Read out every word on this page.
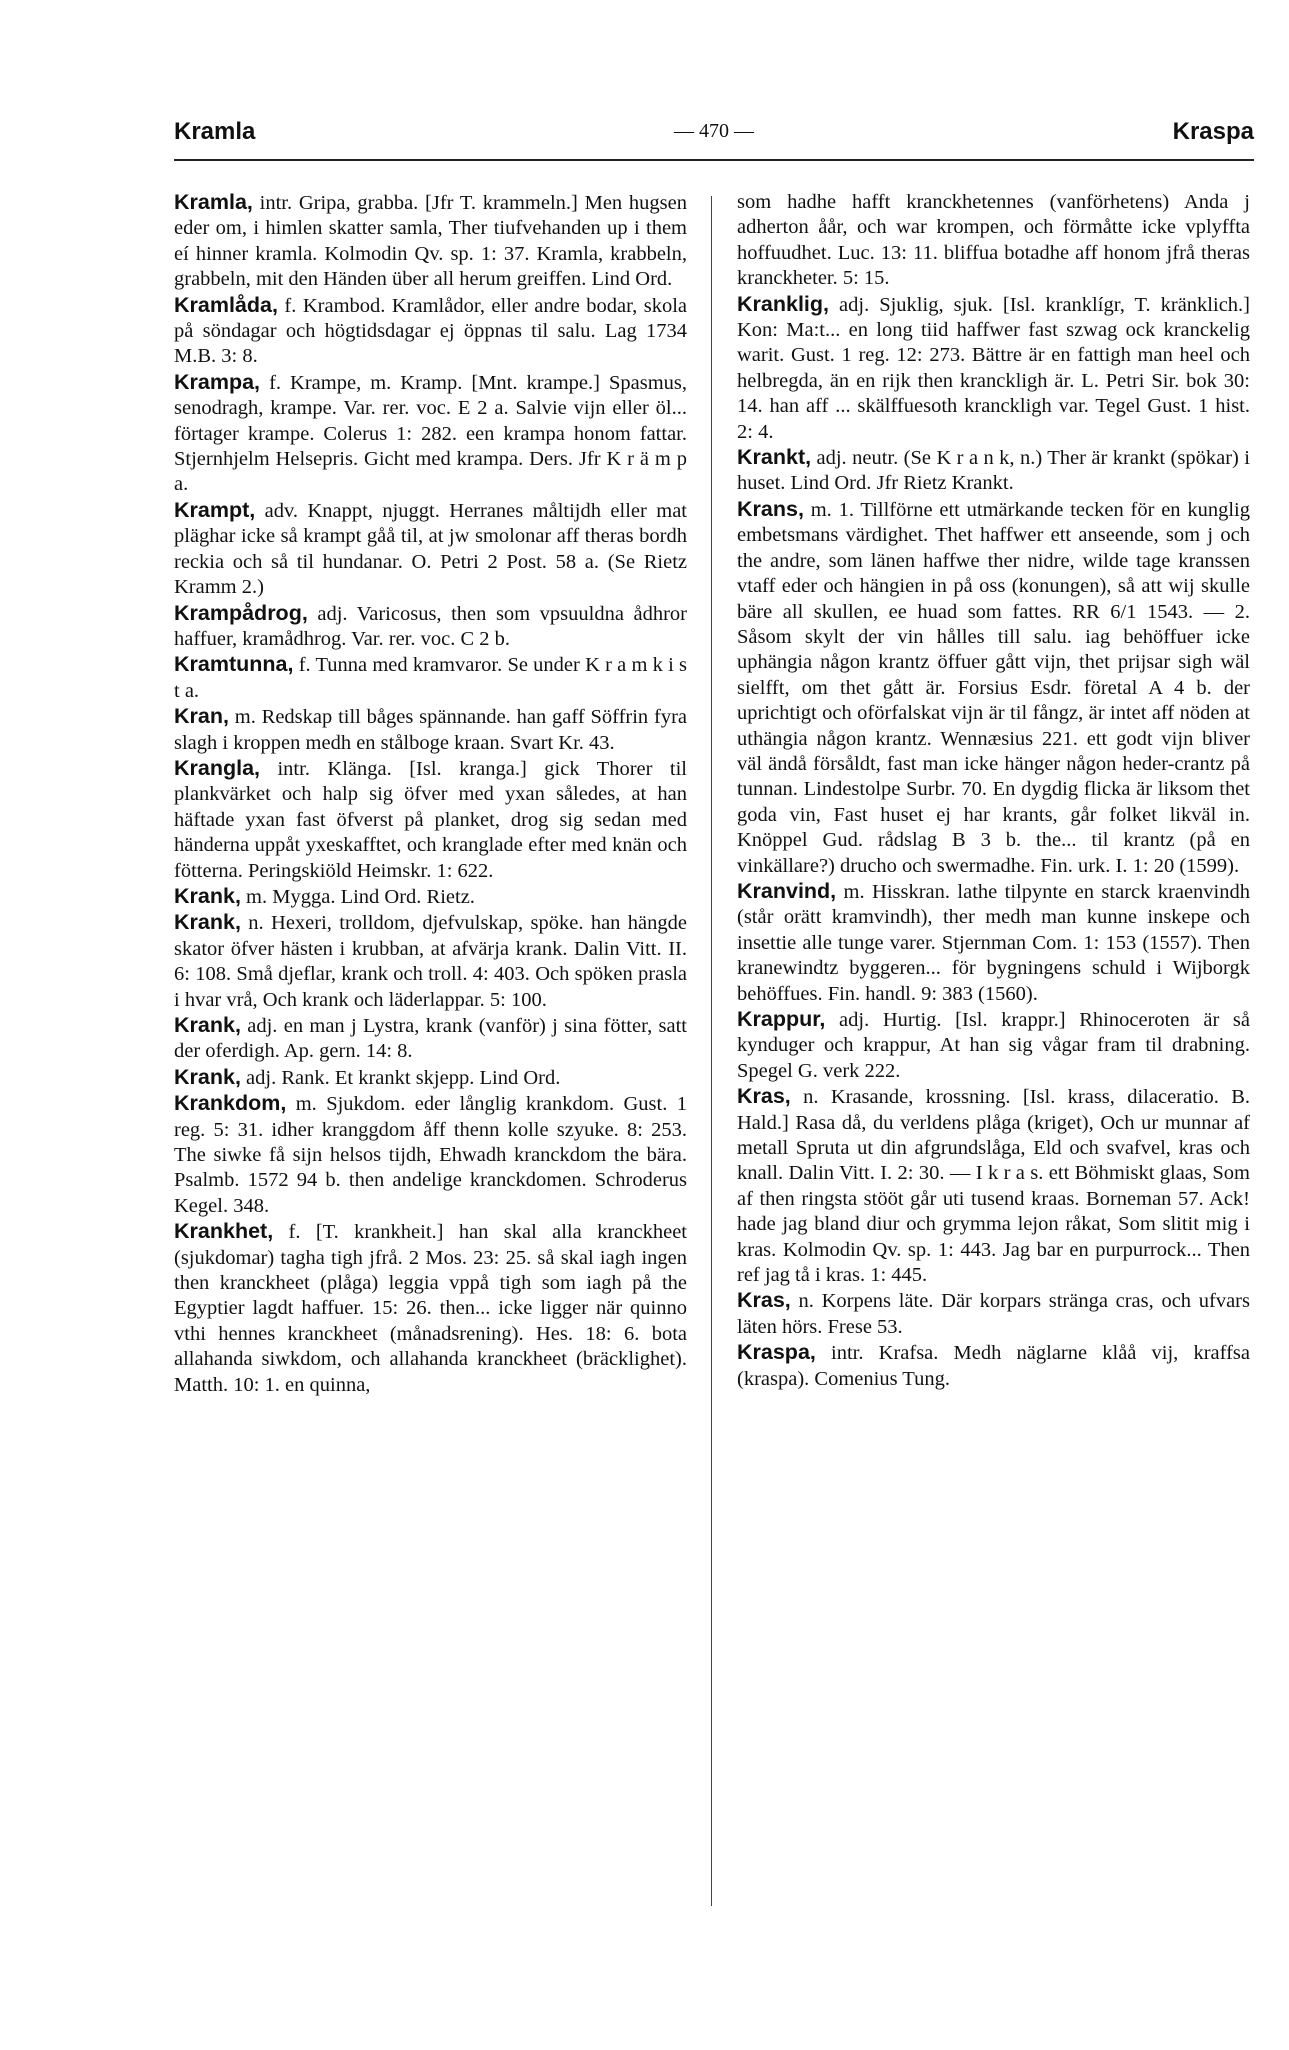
Kramla	— 470 —	Kraspa

Kramla, intr. Gripa, grabba. [Jfr T. krammeln.] Men hugsen eder om, i himlen skatter samla, Ther tiufvehanden up i them eí hinner kramla. Kolmodin Qv. sp. 1: 37. Kramla, krabbeln, grabbeln, mit den Händen über all herum greiffen. Lind Ord.

Kramlåda, f. Krambod. Kramlådor, eller andre bodar, skola på söndagar och högtidsdagar ej öppnas til salu. Lag 1734 M.B. 3: 8.

Krampa, f. Krampe, m. Kramp. [Mnt. krampe.] Spasmus, senodragh, krampe. Var. rer. voc. E 2 a. Salvie vijn eller öl... förtager krampe. Colerus 1: 282. een krampa honom fattar. Stjernhjelm Helsepris. Gicht med krampa. Ders. Jfr K r ä m p a.

Krampt, adv. Knappt, njuggt. Herranes måltijdh eller mat pläghar icke så krampt gåå til, at jw smolonar aff theras bordh reckia och så til hundanar. O. Petri 2 Post. 58 a. (Se Rietz Kramm 2.)

Krampådrog, adj. Varicosus, then som vpsuuldna ådhror haffuer, kramådhrog. Var. rer. voc. C 2 b.

Kramtunna, f. Tunna med kramvaror. Se under K r a m k i s t a.

Kran, m. Redskap till båges spännande. han gaff Söffrin fyra slagh i kroppen medh en stålboge kraan. Svart Kr. 43.

Krangla, intr. Klänga. [Isl. kranga.] gick Thorer til plankvärket och halp sig öfver med yxan således, at han häftade yxan fast öfverst på planket, drog sig sedan med händerna uppåt yxeskafftet, och kranglade efter med knän och fötterna. Peringskiöld Heimskr. 1: 622.

Krank, m. Mygga. Lind Ord. Rietz.

Krank, n. Hexeri, trolldom, djefvulskap, spöke. han hängde skator öfver hästen i krubban, at afvärja krank. Dalin Vitt. II. 6: 108. Små djeflar, krank och troll. 4: 403. Och spöken prasla i hvar vrå, Och krank och läderlappar. 5: 100.

Krank, adj. en man j Lystra, krank (vanför) j sina fötter, satt der oferdigh. Ap. gern. 14: 8.

Krank, adj. Rank. Et krankt skjepp. Lind Ord.

Krankdom, m. Sjukdom. eder långlig krankdom. Gust. 1 reg. 5: 31. idher kranggdom åff thenn kolle szyuke. 8: 253. The siwke få sijn helsos tijdh, Ehwadh kranckdom the bära. Psalmb. 1572 94 b. then andelige kranckdomen. Schroderus Kegel. 348.

Krankhet, f. [T. krankheit.] han skal alla kranckheet (sjukdomar) tagha tigh jfrå. 2 Mos. 23: 25. så skal iagh ingen then kranckheet (plåga) leggia vppå tigh som iagh på the Egyptier lagdt haffuer. 15: 26. then... icke ligger när quinno vthi hennes kranckheet (månadsrening). Hes. 18: 6. bota allahanda siwkdom, och allahanda kranckheet (bräcklighet). Matth. 10: 1. en quinna,

som hadhe hafft kranckhetennes (vanförhetens) Anda j adherton åår, och war krompen, och förmåtte icke vplyffta hoffuudhet. Luc. 13: 11. bliffua botadhe aff honom jfrå theras kranckheter. 5: 15.

Kranklig, adj. Sjuklig, sjuk. [Isl. kranklígr, T. kränklich.] Kon: Ma:t... en long tiid haffwer fast szwag ock kranckelig warit. Gust. 1 reg. 12: 273. Bättre är en fattigh man heel och helbregda, än en rijk then kranckligh är. L. Petri Sir. bok 30: 14. han aff ... skälffuesoth kranckligh var. Tegel Gust. 1 hist. 2: 4.

Krankt, adj. neutr. (Se K r a n k, n.) Ther är krankt (spökar) i huset. Lind Ord. Jfr Rietz Krankt.

Krans, m. 1. Tillförne ett utmärkande tecken för en kunglig embetsmans värdighet. Thet haffwer ett anseende, som j och the andre, som länen haffwe ther nidre, wilde tage kranssen vtaff eder och hängien in på oss (konungen), så att wij skulle bäre all skullen, ee huad som fattes. RR 6/1 1543. — 2. Såsom skylt der vin hålles till salu. iag behöffuer icke uphängia någon krantz öffuer gått vijn, thet prijsar sigh wäl sielfft, om thet gått är. Forsius Esdr. företal A 4 b. der uprichtigt och oförfalskat vijn är til fångz, är intet aff nöden at uthängia någon krantz. Wennæsius 221. ett godt vijn bliver väl ändå försåldt, fast man icke hänger någon heder-crantz på tunnan. Lindestolpe Surbr. 70. En dygdig flicka är liksom thet goda vin, Fast huset ej har krants, går folket likväl in. Knöppel Gud. rådslag B 3 b. the... til krantz (på en vinkällare?) drucho och swermadhe. Fin. urk. I. 1: 20 (1599).

Kranvind, m. Hisskran. lathe tilpynte en starck kraenvindh (står orätt kramvindh), ther medh man kunne inskepe och insettie alle tunge varer. Stjernman Com. 1: 153 (1557). Then kranewindtz byggeren... för bygningens schuld i Wijborgk behöffues. Fin. handl. 9: 383 (1560).

Krappur, adj. Hurtig. [Isl. krappr.] Rhinoceroten är så kynduger och krappur, At han sig vågar fram til drabning. Spegel G. verk 222.

Kras, n. Krasande, krossning. [Isl. krass, dilaceratio. B. Hald.] Rasa då, du verldens plåga (kriget), Och ur munnar af metall Spruta ut din afgrundslåga, Eld och svafvel, kras och knall. Dalin Vitt. I. 2: 30. — I k r a s. ett Böhmiskt glaas, Som af then ringsta stööt går uti tusend kraas. Borneman 57. Ack! hade jag bland diur och grymma lejon råkat, Som slitit mig i kras. Kolmodin Qv. sp. 1: 443. Jag bar en purpurrock... Then ref jag tå i kras. 1: 445.

Kras, n. Korpens läte. Där korpars stränga cras, och ufvars läten hörs. Frese 53.

Kraspa, intr. Krafsa. Medh näglarne klåå vij, kraffsa (kraspa). Comenius Tung.
